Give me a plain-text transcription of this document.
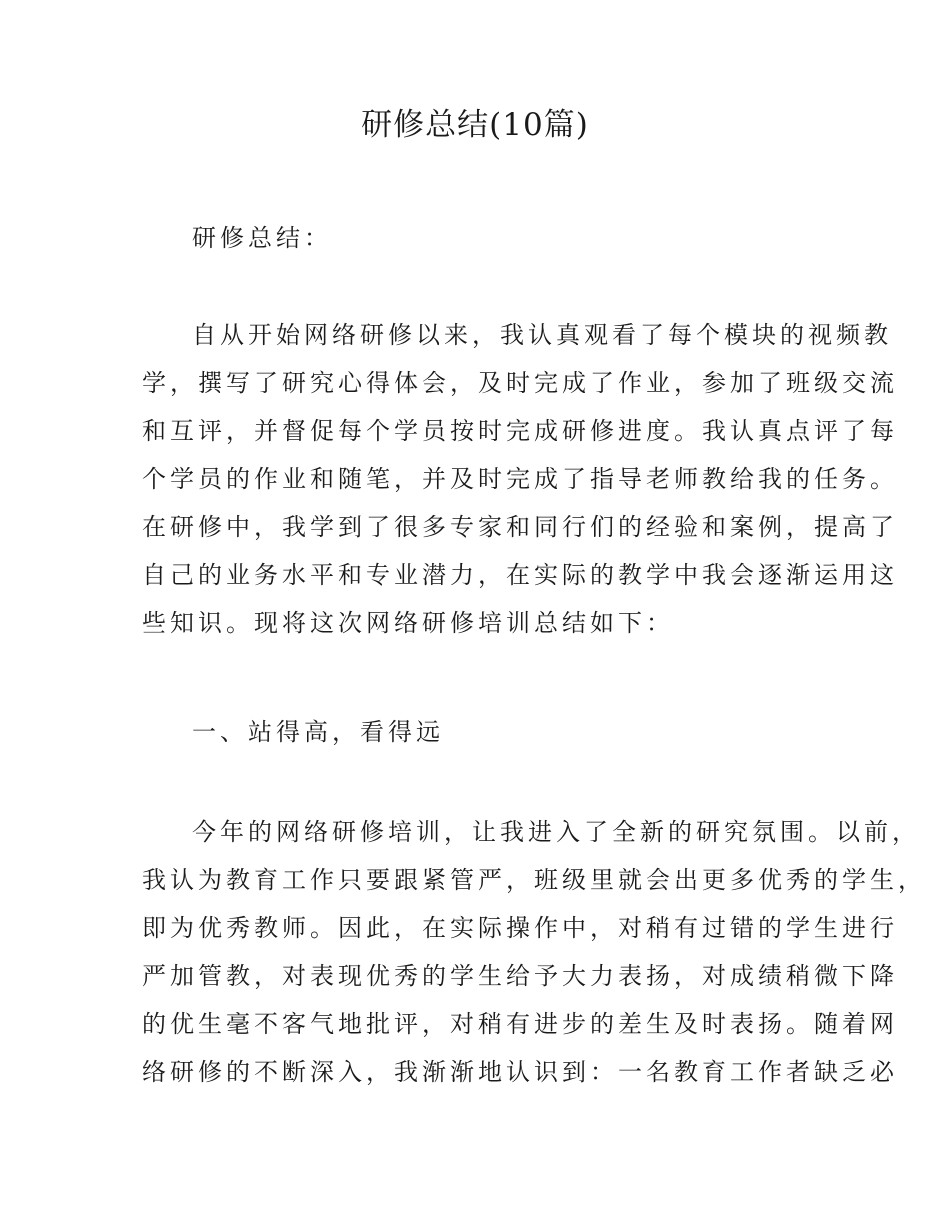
研修总结(10篇)

研修总结：

自从开始网络研修以来，我认真观看了每个模块的视频教
学，撰写了研究心得体会，及时完成了作业，参加了班级交流
和互评，并督促每个学员按时完成研修进度。我认真点评了每
个学员的作业和随笔，并及时完成了指导老师教给我的任务。
在研修中，我学到了很多专家和同行们的经验和案例，提高了
自己的业务水平和专业潜力，在实际的教学中我会逐渐运用这
些知识。现将这次网络研修培训总结如下：

一、站得高，看得远

今年的网络研修培训，让我进入了全新的研究氛围。以前，
我认为教育工作只要跟紧管严，班级里就会出更多优秀的学生，
即为优秀教师。因此，在实际操作中，对稍有过错的学生进行
严加管教，对表现优秀的学生给予大力表扬，对成绩稍微下降
的优生毫不客气地批评，对稍有进步的差生及时表扬。随着网
络研修的不断深入，我渐渐地认识到：一名教育工作者缺乏必
